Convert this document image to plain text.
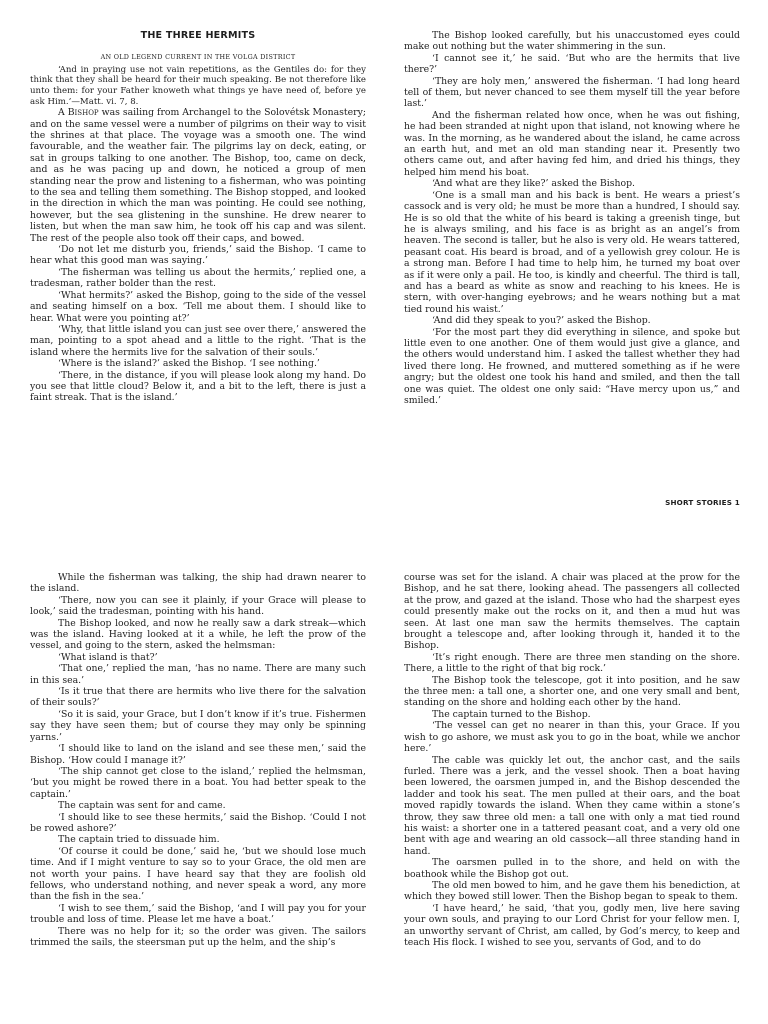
THE THREE HERMITS
AN OLD LEGEND CURRENT IN THE VOLGA DISTRICT

‘And in praying use not vain repetitions, as the Gentiles do: for they think that they shall be heard for their much speaking. Be not therefore like unto them: for your Father knoweth what things ye have need of, before ye ask Him.’—Matt. vi. 7, 8.

A Bishop was sailing from Archangel to the Solovétsk Monastery; and on the same vessel were a number of pilgrims on their way to visit the shrines at that place. The voyage was a smooth one. The wind favourable, and the weather fair. The pilgrims lay on deck, eating, or sat in groups talking to one another. The Bishop, too, came on deck, and as he was pacing up and down, he noticed a group of men standing near the prow and listening to a fisherman, who was pointing to the sea and telling them something. The Bishop stopped, and looked in the direction in which the man was pointing. He could see nothing, however, but the sea glistening in the sunshine. He drew nearer to listen, but when the man saw him, he took off his cap and was silent. The rest of the people also took off their caps, and bowed.

‘Do not let me disturb you, friends,’ said the Bishop. ‘I came to hear what this good man was saying.’

‘The fisherman was telling us about the hermits,’ replied one, a tradesman, rather bolder than the rest.

‘What hermits?’ asked the Bishop, going to the side of the vessel and seating himself on a box. ‘Tell me about them. I should like to hear. What were you pointing at?’

‘Why, that little island you can just see over there,’ answered the man, pointing to a spot ahead and a little to the right. ‘That is the island where the hermits live for the salvation of their souls.’

‘Where is the island?’ asked the Bishop. ‘I see nothing.’

‘There, in the distance, if you will please look along my hand. Do you see that little cloud? Below it, and a bit to the left, there is just a faint streak. That is the island.’

The Bishop looked carefully, but his unaccustomed eyes could make out nothing but the water shimmering in the sun.

‘I cannot see it,’ he said. ‘But who are the hermits that live there?’

‘They are holy men,’ answered the fisherman. ‘I had long heard tell of them, but never chanced to see them myself till the year before last.’

And the fisherman related how once, when he was out fishing, he had been stranded at night upon that island, not knowing where he was. In the morning, as he wandered about the island, he came across an earth hut, and met an old man standing near it. Presently two others came out, and after having fed him, and dried his things, they helped him mend his boat.

‘And what are they like?’ asked the Bishop.

‘One is a small man and his back is bent. He wears a priest’s cassock and is very old; he must be more than a hundred, I should say. He is so old that the white of his beard is taking a greenish tinge, but he is always smiling, and his face is as bright as an angel’s from heaven. The second is taller, but he also is very old. He wears tattered, peasant coat. His beard is broad, and of a yellowish grey colour. He is a strong man. Before I had time to help him, he turned my boat over as if it were only a pail. He too, is kindly and cheerful. The third is tall, and has a beard as white as snow and reaching to his knees. He is stern, with over-hanging eyebrows; and he wears nothing but a mat tied round his waist.’

‘And did they speak to you?’ asked the Bishop.

‘For the most part they did everything in silence, and spoke but little even to one another. One of them would just give a glance, and the others would understand him. I asked the tallest whether they had lived there long. He frowned, and muttered something as if he were angry; but the oldest one took his hand and smiled, and then the tall one was quiet. The oldest one only said: “Have mercy upon us,” and smiled.’

SHORT STORIES 1

While the fisherman was talking, the ship had drawn nearer to the island.

‘There, now you can see it plainly, if your Grace will please to look,’ said the tradesman, pointing with his hand.

The Bishop looked, and now he really saw a dark streak—which was the island. Having looked at it a while, he left the prow of the vessel, and going to the stern, asked the helmsman:

‘What island is that?’

‘That one,’ replied the man, ‘has no name. There are many such in this sea.’

‘Is it true that there are hermits who live there for the salvation of their souls?’

‘So it is said, your Grace, but I don’t know if it’s true. Fishermen say they have seen them; but of course they may only be spinning yarns.’

‘I should like to land on the island and see these men,’ said the Bishop. ‘How could I manage it?’

‘The ship cannot get close to the island,’ replied the helmsman, ‘but you might be rowed there in a boat. You had better speak to the captain.’

The captain was sent for and came.

‘I should like to see these hermits,’ said the Bishop. ‘Could I not be rowed ashore?’

The captain tried to dissuade him.

‘Of course it could be done,’ said he, ‘but we should lose much time. And if I might venture to say so to your Grace, the old men are not worth your pains. I have heard say that they are foolish old fellows, who understand nothing, and never speak a word, any more than the fish in the sea.’

‘I wish to see them,’ said the Bishop, ‘and I will pay you for your trouble and loss of time. Please let me have a boat.’

There was no help for it; so the order was given. The sailors trimmed the sails, the steersman put up the helm, and the ship’s

course was set for the island. A chair was placed at the prow for the Bishop, and he sat there, looking ahead. The passengers all collected at the prow, and gazed at the island. Those who had the sharpest eyes could presently make out the rocks on it, and then a mud hut was seen. At last one man saw the hermits themselves. The captain brought a telescope and, after looking through it, handed it to the Bishop.

‘It’s right enough. There are three men standing on the shore. There, a little to the right of that big rock.’

The Bishop took the telescope, got it into position, and he saw the three men: a tall one, a shorter one, and one very small and bent, standing on the shore and holding each other by the hand.

The captain turned to the Bishop.

‘The vessel can get no nearer in than this, your Grace. If you wish to go ashore, we must ask you to go in the boat, while we anchor here.’

The cable was quickly let out, the anchor cast, and the sails furled. There was a jerk, and the vessel shook. Then a boat having been lowered, the oarsmen jumped in, and the Bishop descended the ladder and took his seat. The men pulled at their oars, and the boat moved rapidly towards the island. When they came within a stone’s throw, they saw three old men: a tall one with only a mat tied round his waist: a shorter one in a tattered peasant coat, and a very old one bent with age and wearing an old cassock—all three standing hand in hand.

The oarsmen pulled in to the shore, and held on with the boathook while the Bishop got out.

The old men bowed to him, and he gave them his benediction, at which they bowed still lower. Then the Bishop began to speak to them.

‘I have heard,’ he said, ‘that you, godly men, live here saving your own souls, and praying to our Lord Christ for your fellow men. I, an unworthy servant of Christ, am called, by God’s mercy, to keep and teach His flock. I wished to see you, servants of God, and to do
